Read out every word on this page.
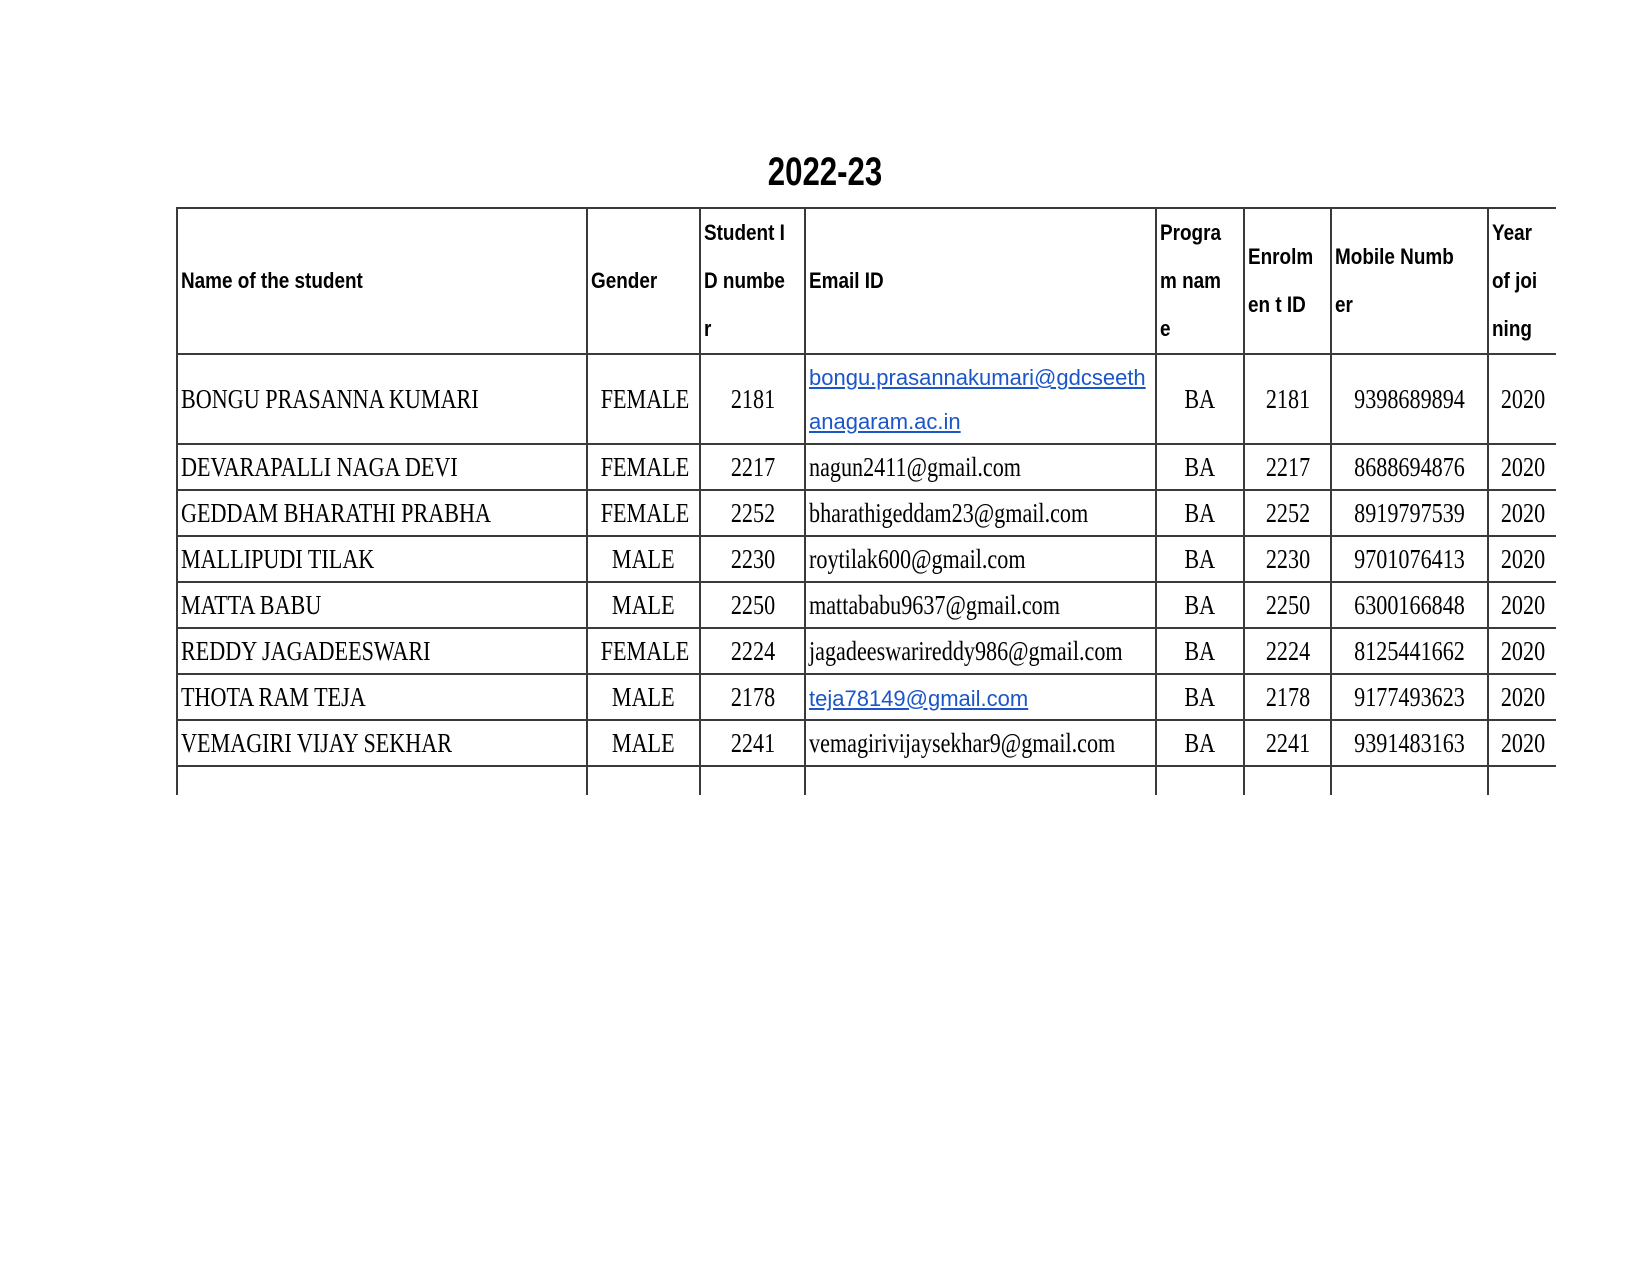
2022-23
Name of the student	Gender	Student ID number	Email ID	Program name	Enrolmen t ID	Mobile Number	Year of joining
BONGU PRASANNA KUMARI	FEMALE	2181	bongu.prasannakumari@gdcseethanagaram.ac.in	BA	2181	9398689894	2020
DEVARAPALLI NAGA DEVI	FEMALE	2217	nagun2411@gmail.com	BA	2217	8688694876	2020
GEDDAM BHARATHI PRABHA	FEMALE	2252	bharathigeddam23@gmail.com	BA	2252	8919797539	2020
MALLIPUDI TILAK	MALE	2230	roytilak600@gmail.com	BA	2230	9701076413	2020
MATTA BABU	MALE	2250	mattababu9637@gmail.com	BA	2250	6300166848	2020
REDDY JAGADEESWARI	FEMALE	2224	jagadeeswarireddy986@gmail.com	BA	2224	8125441662	2020
THOTA RAM TEJA	MALE	2178	teja78149@gmail.com	BA	2178	9177493623	2020
VEMAGIRI VIJAY SEKHAR	MALE	2241	vemagirivijaysekhar9@gmail.com	BA	2241	9391483163	2020
